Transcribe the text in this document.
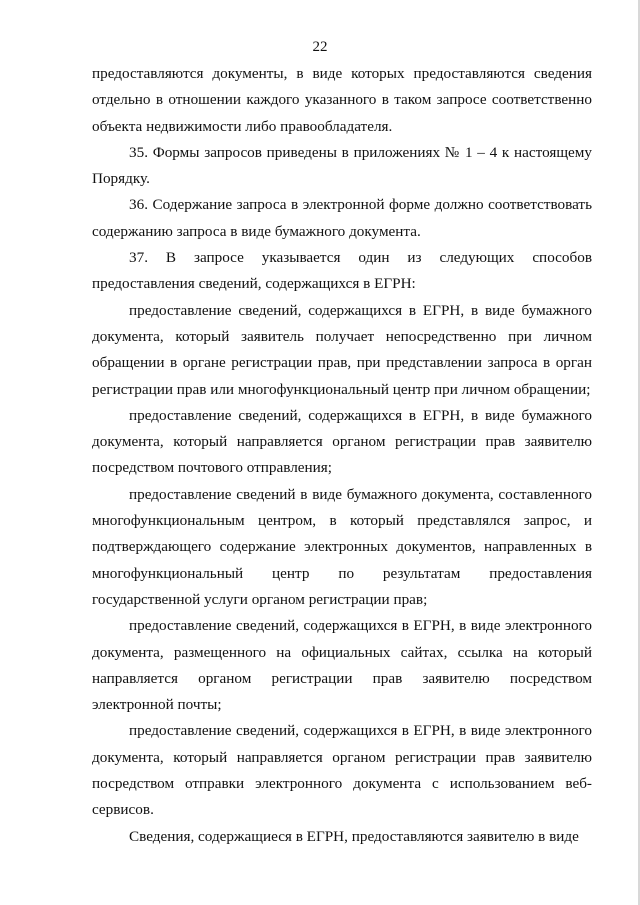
22

предоставляются документы, в виде которых предоставляются сведения отдельно в отношении каждого указанного в таком запросе соответственно объекта недвижимости либо правообладателя.

35. Формы запросов приведены в приложениях № 1 – 4 к настоящему Порядку.

36. Содержание запроса в электронной форме должно соответствовать содержанию запроса в виде бумажного документа.

37. В запросе указывается один из следующих способов предоставления сведений, содержащихся в ЕГРН:

предоставление сведений, содержащихся в ЕГРН, в виде бумажного документа, который заявитель получает непосредственно при личном обращении в органе регистрации прав, при представлении запроса в орган регистрации прав или многофункциональный центр при личном обращении;

предоставление сведений, содержащихся в ЕГРН, в виде бумажного документа, который направляется органом регистрации прав заявителю посредством почтового отправления;

предоставление сведений в виде бумажного документа, составленного многофункциональным центром, в который представлялся запрос, и подтверждающего содержание электронных документов, направленных в многофункциональный центр по результатам предоставления государственной услуги органом регистрации прав;

предоставление сведений, содержащихся в ЕГРН, в виде электронного документа, размещенного на официальных сайтах, ссылка на который направляется органом регистрации прав заявителю посредством электронной почты;

предоставление сведений, содержащихся в ЕГРН, в виде электронного документа, который направляется органом регистрации прав заявителю посредством отправки электронного документа с использованием веб-сервисов.

Сведения, содержащиеся в ЕГРН, предоставляются заявителю в виде
